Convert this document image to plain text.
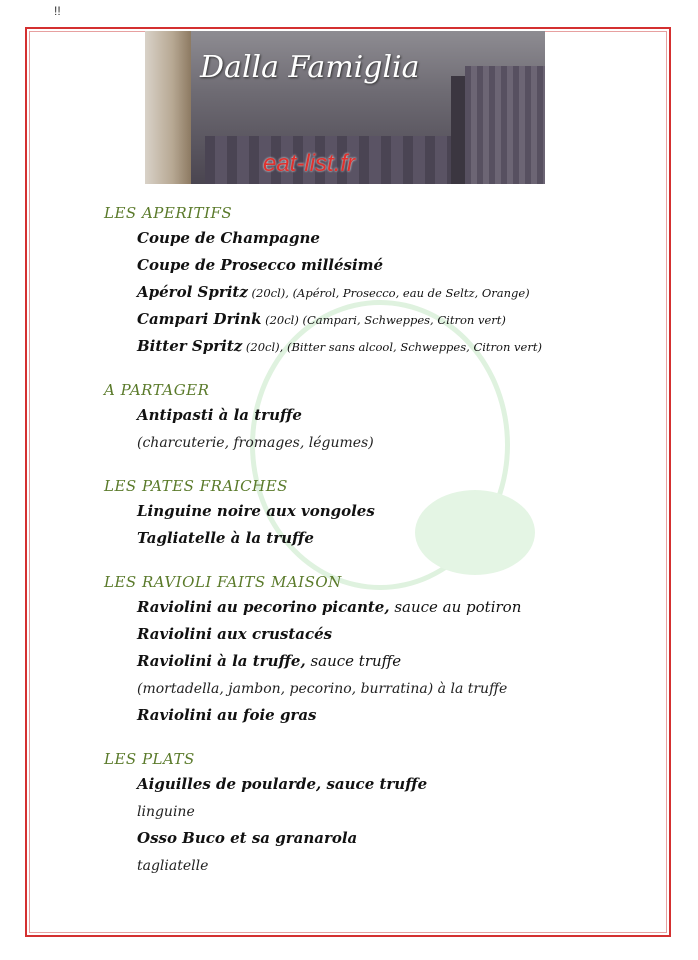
!!
Dalla Famiglia
eat-list.fr
LES APERITIFS
Coupe de Champagne
Coupe de Prosecco millésimé
Apérol Spritz (20cl), (Apérol, Prosecco, eau de Seltz, Orange)
Campari Drink (20cl) (Campari, Schweppes, Citron vert)
Bitter Spritz (20cl), (Bitter sans alcool, Schweppes, Citron vert)
A PARTAGER
Antipasti à la truffe
(charcuterie, fromages, légumes)
LES PATES FRAICHES
Linguine noire aux vongoles
Tagliatelle à la truffe
LES RAVIOLI FAITS MAISON
Raviolini au pecorino picante, sauce au potiron
Raviolini aux crustacés
Raviolini à la truffe, sauce truffe
(mortadella, jambon, pecorino, burratina) à la truffe
Raviolini au foie gras
LES PLATS
Aiguilles de poularde, sauce truffe
linguine
Osso Buco et sa granarola
tagliatelle
